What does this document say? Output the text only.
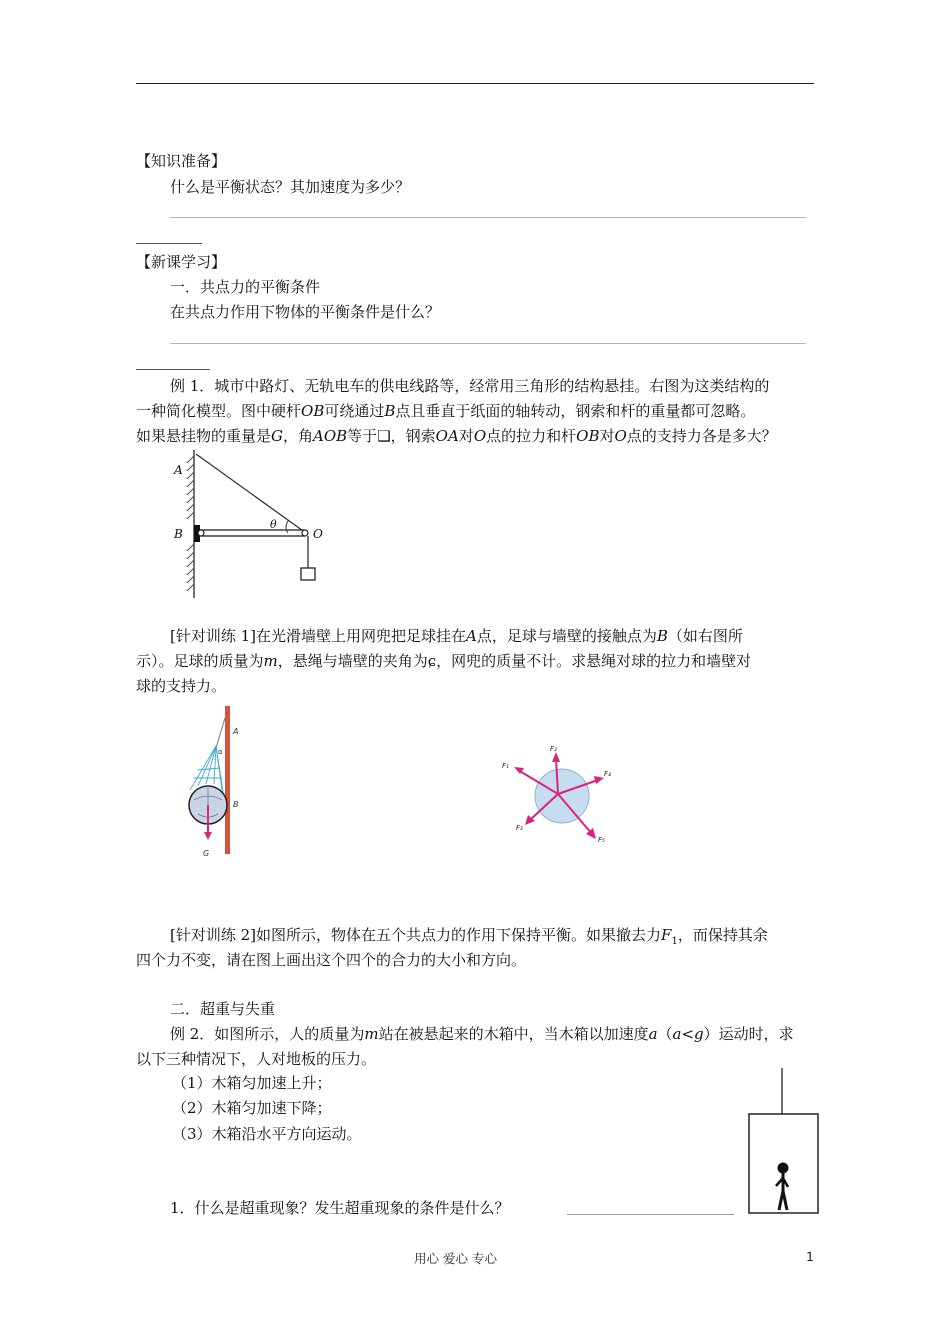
【知识准备】
什么是平衡状态？其加速度为多少？
【新课学习】
一．共点力的平衡条件
在共点力作用下物体的平衡条件是什么？
例 1．城市中路灯、无轨电车的供电线路等，经常用三角形的结构悬挂。右图为这类结构的
一种简化模型。图中硬杆OB可绕通过B点且垂直于纸面的轴转动，钢索和杆的重量都可忽略。
如果悬挂物的重量是G，角AOB等于❑，钢索OA对O点的拉力和杆OB对O点的支持力各是多大？
A
B	O
θ
[针对训练 1]在光滑墙壁上用网兜把足球挂在A点，足球与墙壁的接触点为B（如右图所
示）。足球的质量为m，悬绳与墙壁的夹角为ɕ，网兜的质量不计。求悬绳对球的拉力和墙壁对
球的支持力。
A
α
B
G
F₁
F₂
F₄
F₃
F₅
[针对训练 2]如图所示，物体在五个共点力的作用下保持平衡。如果撤去力$F_1$，而保持其余
四个力不变，请在图上画出这个四个的合力的大小和方向。
二．超重与失重
例 2．如图所示，人的质量为m站在被悬起来的木箱中，当木箱以加速度a（a<g）运动时，求
以下三种情况下，人对地板的压力。
（1）木箱匀加速上升；
（2）木箱匀加速下降；
（3）木箱沿水平方向运动。
1．什么是超重现象？发生超重现象的条件是什么？
用心 爱心 专心	1
